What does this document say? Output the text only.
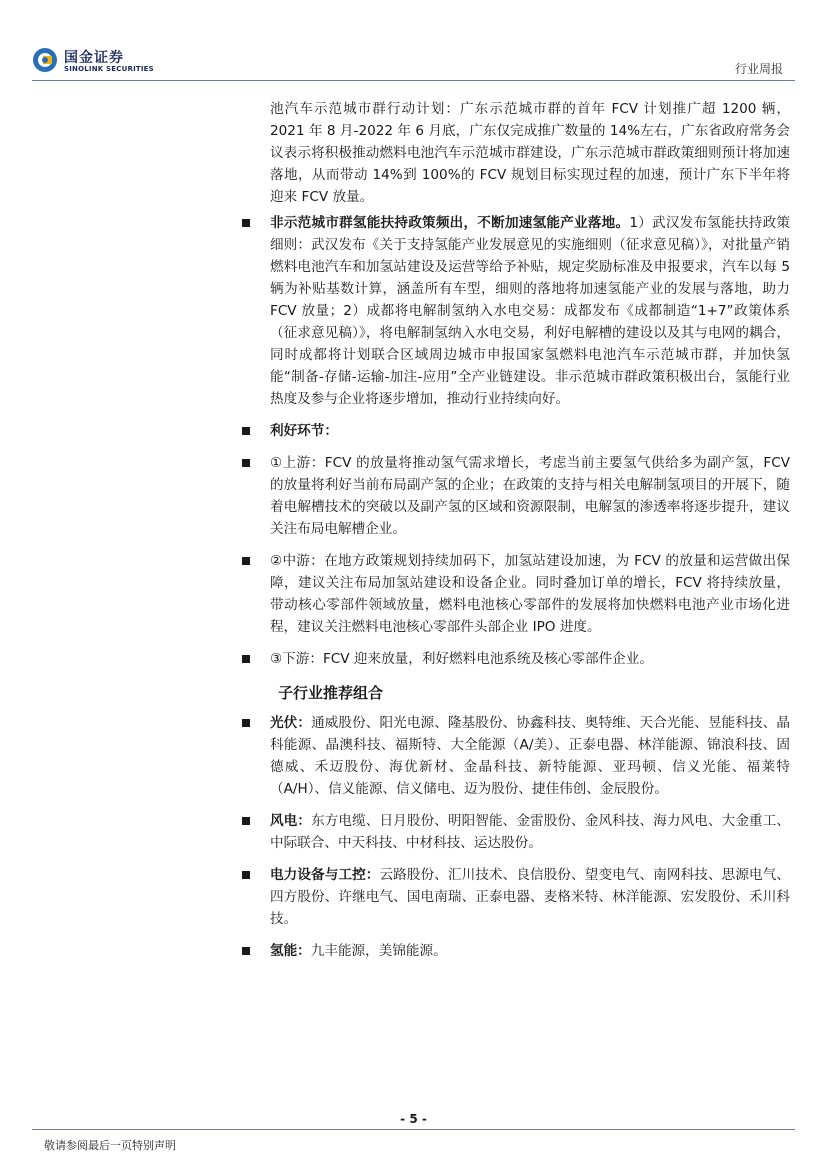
国金证券
SINOLINK SECURITIES	行业周报

池汽车示范城市群行动计划：广东示范城市群的首年 FCV 计划推广超 1200 辆，2021 年 8 月-2022 年 6 月底，广东仅完成推广数量的 14%左右，广东省政府常务会议表示将积极推动燃料电池汽车示范城市群建设，广东示范城市群政策细则预计将加速落地，从而带动 14%到 100%的 FCV 规划目标实现过程的加速，预计广东下半年将迎来 FCV 放量。

非示范城市群氢能扶持政策频出，不断加速氢能产业落地。1）武汉发布氢能扶持政策细则：武汉发布《关于支持氢能产业发展意见的实施细则（征求意见稿）》，对批量产销燃料电池汽车和加氢站建设及运营等给予补贴，规定奖励标准及申报要求，汽车以每 5 辆为补贴基数计算，涵盖所有车型，细则的落地将加速氢能产业的发展与落地，助力 FCV 放量；2）成都将电解制氢纳入水电交易：成都发布《成都制造“1+7”政策体系（征求意见稿）》，将电解制氢纳入水电交易，利好电解槽的建设以及其与电网的耦合，同时成都将计划联合区域周边城市申报国家氢燃料电池汽车示范城市群，并加快氢能“制备-存储-运输-加注-应用”全产业链建设。非示范城市群政策积极出台，氢能行业热度及参与企业将逐步增加，推动行业持续向好。

利好环节：

①上游：FCV 的放量将推动氢气需求增长，考虑当前主要氢气供给多为副产氢，FCV 的放量将利好当前布局副产氢的企业；在政策的支持与相关电解制氢项目的开展下，随着电解槽技术的突破以及副产氢的区域和资源限制，电解氢的渗透率将逐步提升，建议关注布局电解槽企业。

②中游：在地方政策规划持续加码下，加氢站建设加速，为 FCV 的放量和运营做出保障，建议关注布局加氢站建设和设备企业。同时叠加订单的增长，FCV 将持续放量，带动核心零部件领域放量，燃料电池核心零部件的发展将加快燃料电池产业市场化进程，建议关注燃料电池核心零部件头部企业 IPO 进度。

③下游：FCV 迎来放量，利好燃料电池系统及核心零部件企业。

子行业推荐组合

光伏：通威股份、阳光电源、隆基股份、协鑫科技、奥特维、天合光能、昱能科技、晶科能源、晶澳科技、福斯特、大全能源（A/美）、正泰电器、林洋能源、锦浪科技、固德威、禾迈股份、海优新材、金晶科技、新特能源、亚玛顿、信义光能、福莱特（A/H）、信义能源、信义储电、迈为股份、捷佳伟创、金辰股份。

风电：东方电缆、日月股份、明阳智能、金雷股份、金风科技、海力风电、大金重工、中际联合、中天科技、中材科技、运达股份。

电力设备与工控：云路股份、汇川技术、良信股份、望变电气、南网科技、思源电气、四方股份、许继电气、国电南瑞、正泰电器、麦格米特、林洋能源、宏发股份、禾川科技。

氢能：九丰能源，美锦能源。

- 5 -
敬请参阅最后一页特别声明
